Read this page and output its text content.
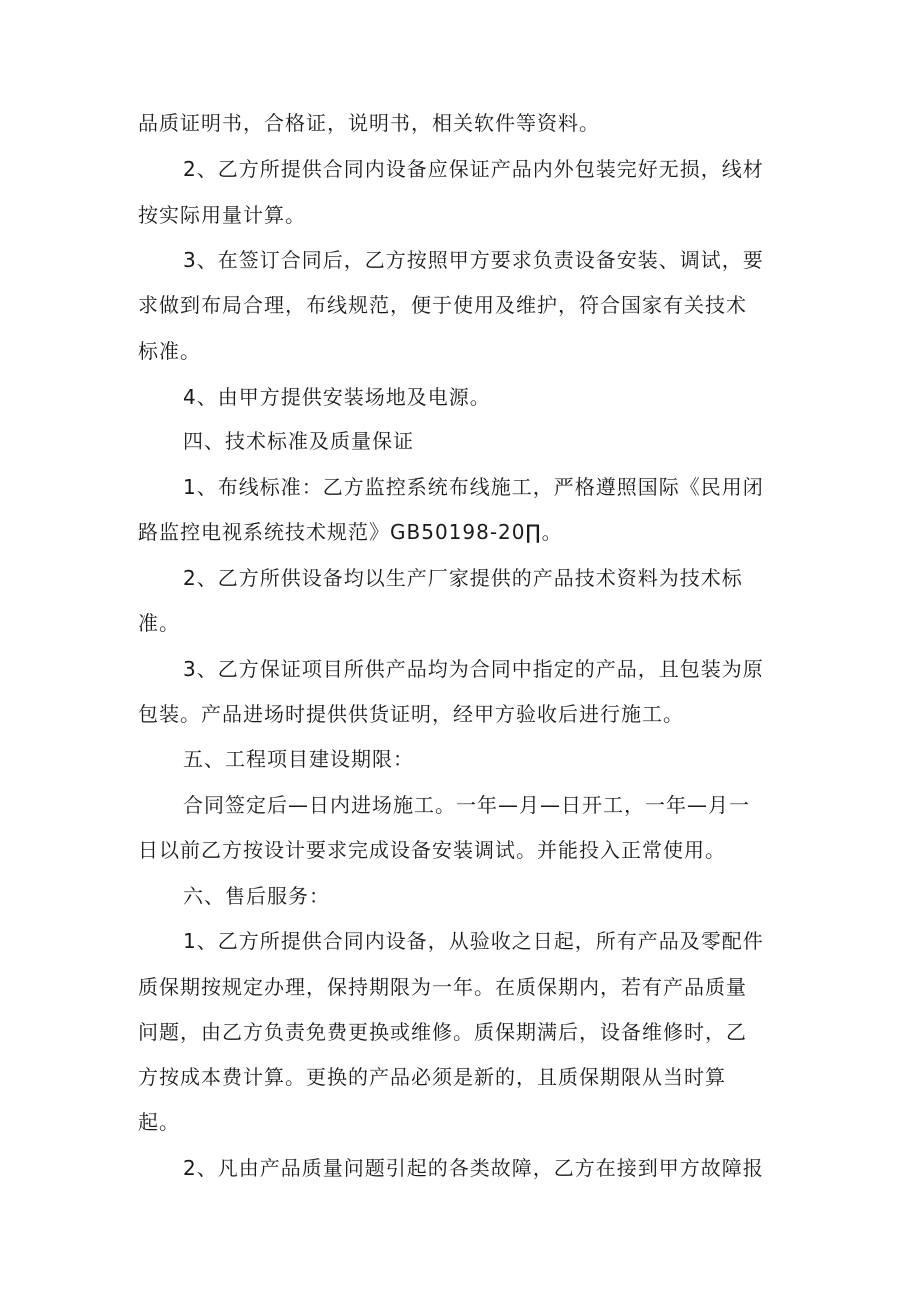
品质证明书，合格证，说明书，相关软件等资料。
2、乙方所提供合同内设备应保证产品内外包装完好无损，线材
按实际用量计算。
3、在签订合同后，乙方按照甲方要求负责设备安装、调试，要
求做到布局合理，布线规范，便于使用及维护，符合国家有关技术
标准。
4、由甲方提供安装场地及电源。
四、技术标准及质量保证
1、布线标准：乙方监控系统布线施工，严格遵照国际《民用闭
路监控电视系统技术规范》GB50198-20∏。
2、乙方所供设备均以生产厂家提供的产品技术资料为技术标
准。
3、乙方保证项目所供产品均为合同中指定的产品，且包装为原
包装。产品进场时提供供货证明，经甲方验收后进行施工。
五、工程项目建设期限：
合同签定后—日内进场施工。一年—月—日开工，一年—月一
日以前乙方按设计要求完成设备安装调试。并能投入正常使用。
六、售后服务：
1、乙方所提供合同内设备，从验收之日起，所有产品及零配件
质保期按规定办理，保持期限为一年。在质保期内，若有产品质量
问题，由乙方负责免费更换或维修。质保期满后，设备维修时，乙
方按成本费计算。更换的产品必须是新的，且质保期限从当时算
起。
2、凡由产品质量问题引起的各类故障，乙方在接到甲方故障报
